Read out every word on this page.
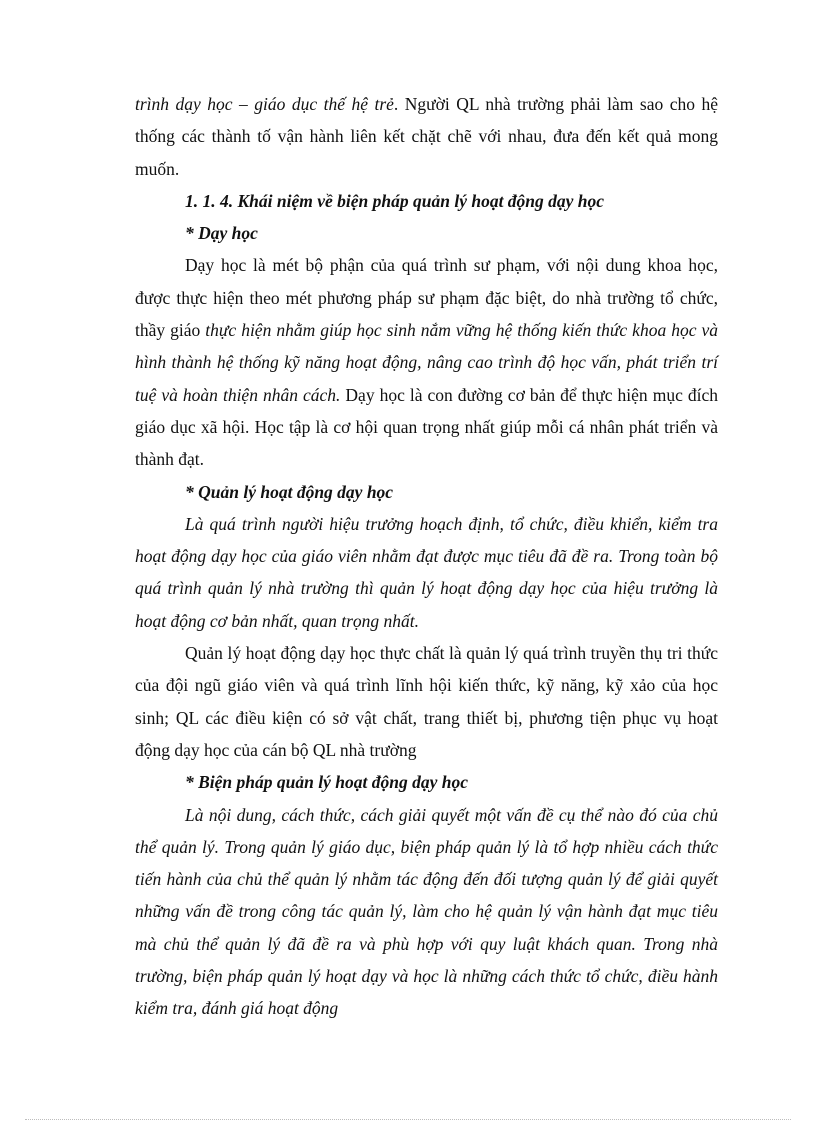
trình dạy học – giáo dục thế hệ trẻ. Người QL nhà trường phải làm sao cho hệ thống các thành tố vận hành liên kết chặt chẽ với nhau, đưa đến kết quả mong muốn.

1. 1. 4. Khái niệm về biện pháp quản lý hoạt động dạy học

* Dạy học

Dạy học là mét bộ phận của quá trình sư phạm, với nội dung khoa học, được thực hiện theo mét phương pháp sư phạm đặc biệt, do nhà trường tổ chức, thầy giáo thực hiện nhằm giúp học sinh nắm vững hệ thống kiến thức khoa học và hình thành hệ thống kỹ năng hoạt động, nâng cao trình độ học vấn, phát triển trí tuệ và hoàn thiện nhân cách. Dạy học là con đường cơ bản để thực hiện mục đích giáo dục xã hội. Học tập là cơ hội quan trọng nhất giúp mỗi cá nhân phát triển và thành đạt.

* Quản lý hoạt động dạy học

Là quá trình người hiệu trưởng hoạch định, tổ chức, điều khiển, kiểm tra hoạt động dạy học của giáo viên nhằm đạt được mục tiêu đã đề ra. Trong toàn bộ quá trình quản lý nhà trường thì quản lý hoạt động dạy học của hiệu trưởng là hoạt động cơ bản nhất, quan trọng nhất.

Quản lý hoạt động dạy học thực chất là quản lý quá trình truyền thụ tri thức của đội ngũ giáo viên và quá trình lĩnh hội kiến thức, kỹ năng, kỹ xảo của học sinh; QL các điều kiện có sở vật chất, trang thiết bị, phương tiện phục vụ hoạt động dạy học của cán bộ QL nhà trường

* Biện pháp quản lý hoạt động dạy học

Là nội dung, cách thức, cách giải quyết một vấn đề cụ thể nào đó của chủ thể quản lý. Trong quản lý giáo dục, biện pháp quản lý là tổ hợp nhiều cách thức tiến hành của chủ thể quản lý nhằm tác động đến đối tượng quản lý để giải quyết những vấn đề trong công tác quản lý, làm cho hệ quản lý vận hành đạt mục tiêu mà chủ thể quản lý đã đề ra và phù hợp với quy luật khách quan. Trong nhà trường, biện pháp quản lý hoạt dạy và học là những cách thức tổ chức, điều hành kiểm tra, đánh giá hoạt động
